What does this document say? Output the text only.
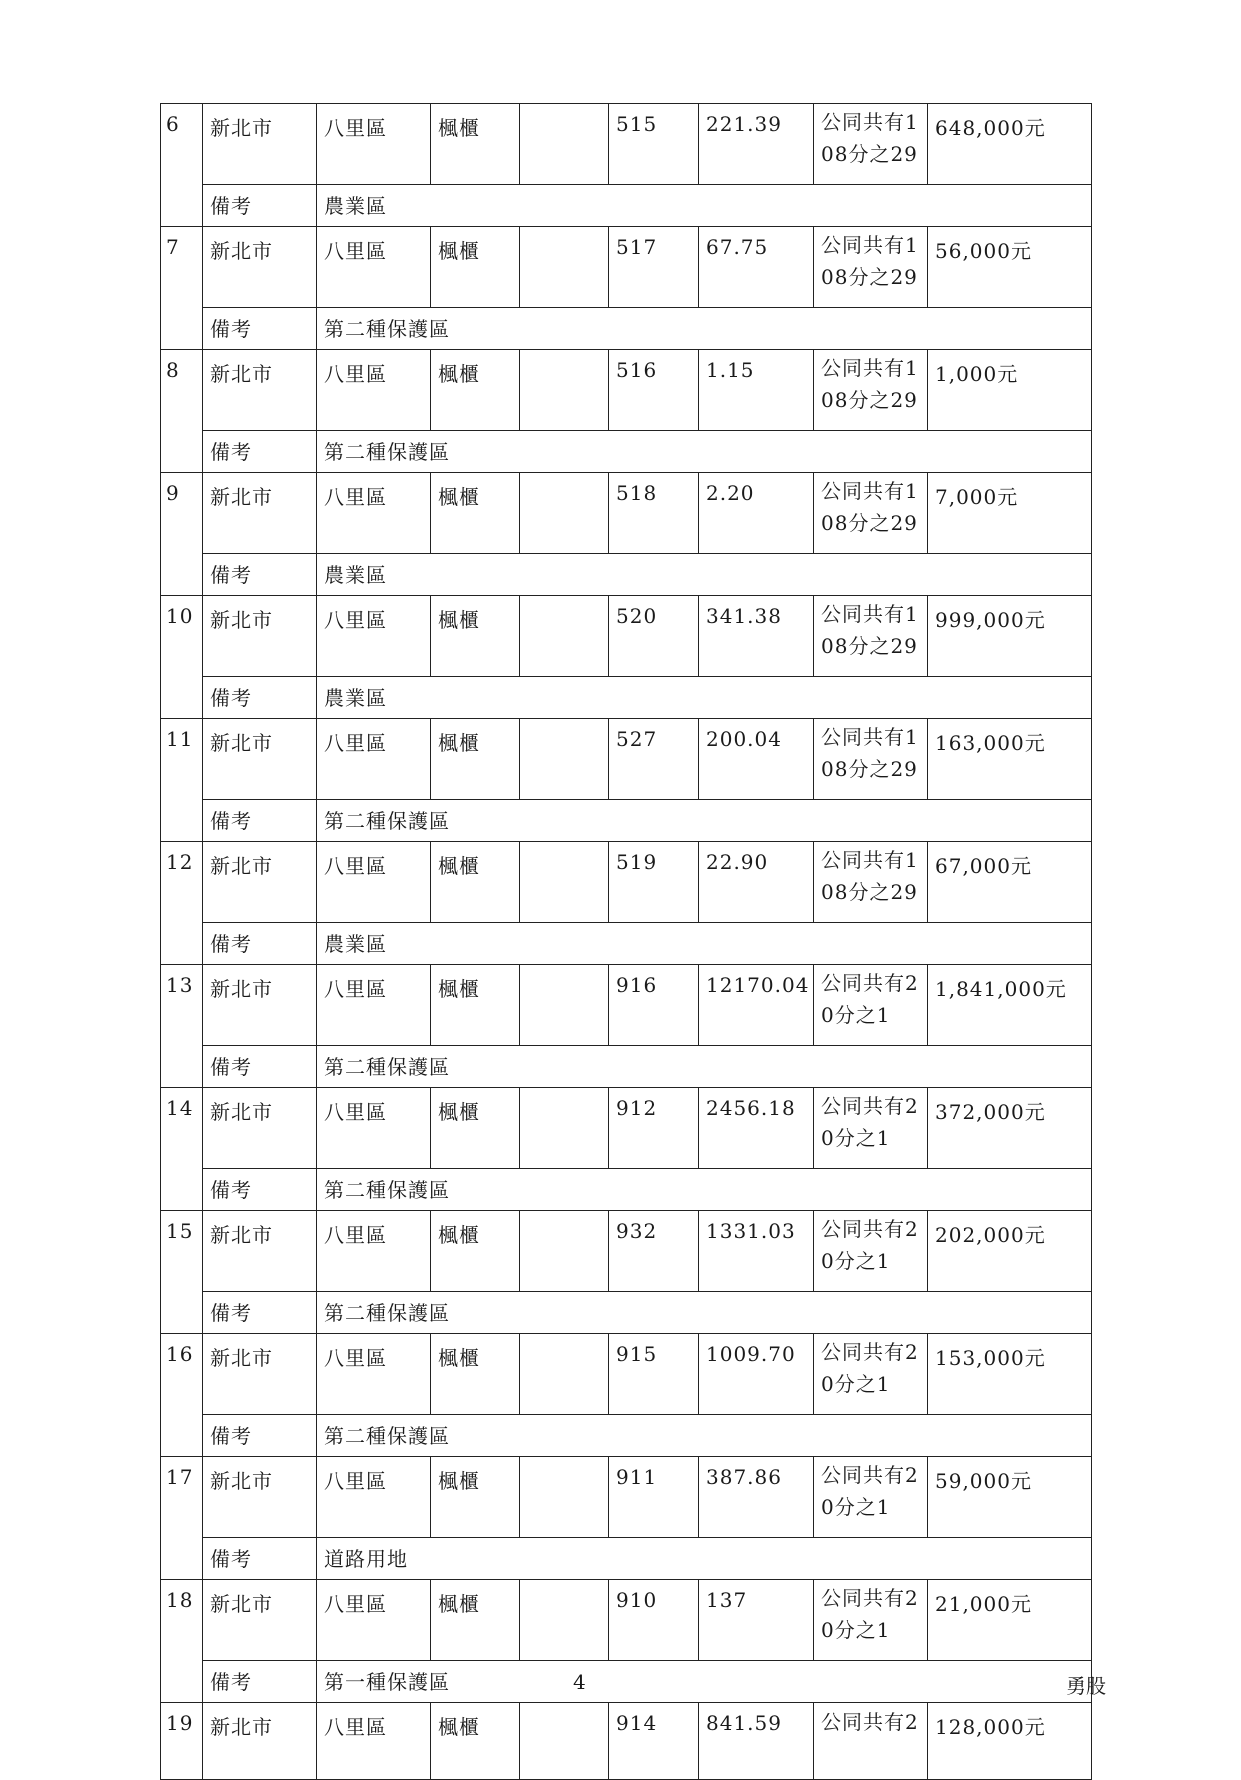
6	新北市	八里區	楓櫃		515	221.39	公同共有1
08分之29	648,000元
	備考	農業區						
7	新北市	八里區	楓櫃		517	67.75	公同共有1
08分之29	56,000元
	備考	第二種保護區						
8	新北市	八里區	楓櫃		516	1.15	公同共有1
08分之29	1,000元
	備考	第二種保護區						
9	新北市	八里區	楓櫃		518	2.20	公同共有1
08分之29	7,000元
	備考	農業區						
10	新北市	八里區	楓櫃		520	341.38	公同共有1
08分之29	999,000元
	備考	農業區						
11	新北市	八里區	楓櫃		527	200.04	公同共有1
08分之29	163,000元
	備考	第二種保護區						
12	新北市	八里區	楓櫃		519	22.90	公同共有1
08分之29	67,000元
	備考	農業區						
13	新北市	八里區	楓櫃		916	12170.04	公同共有2
0分之1	1,841,000元
	備考	第二種保護區						
14	新北市	八里區	楓櫃		912	2456.18	公同共有2
0分之1	372,000元
	備考	第二種保護區						
15	新北市	八里區	楓櫃		932	1331.03	公同共有2
0分之1	202,000元
	備考	第二種保護區						
16	新北市	八里區	楓櫃		915	1009.70	公同共有2
0分之1	153,000元
	備考	第二種保護區						
17	新北市	八里區	楓櫃		911	387.86	公同共有2
0分之1	59,000元
	備考	道路用地						
18	新北市	八里區	楓櫃		910	137	公同共有2
0分之1	21,000元
	備考	第一種保護區						
19	新北市	八里區	楓櫃		914	841.59	公同共有2	128,000元
4	勇股
